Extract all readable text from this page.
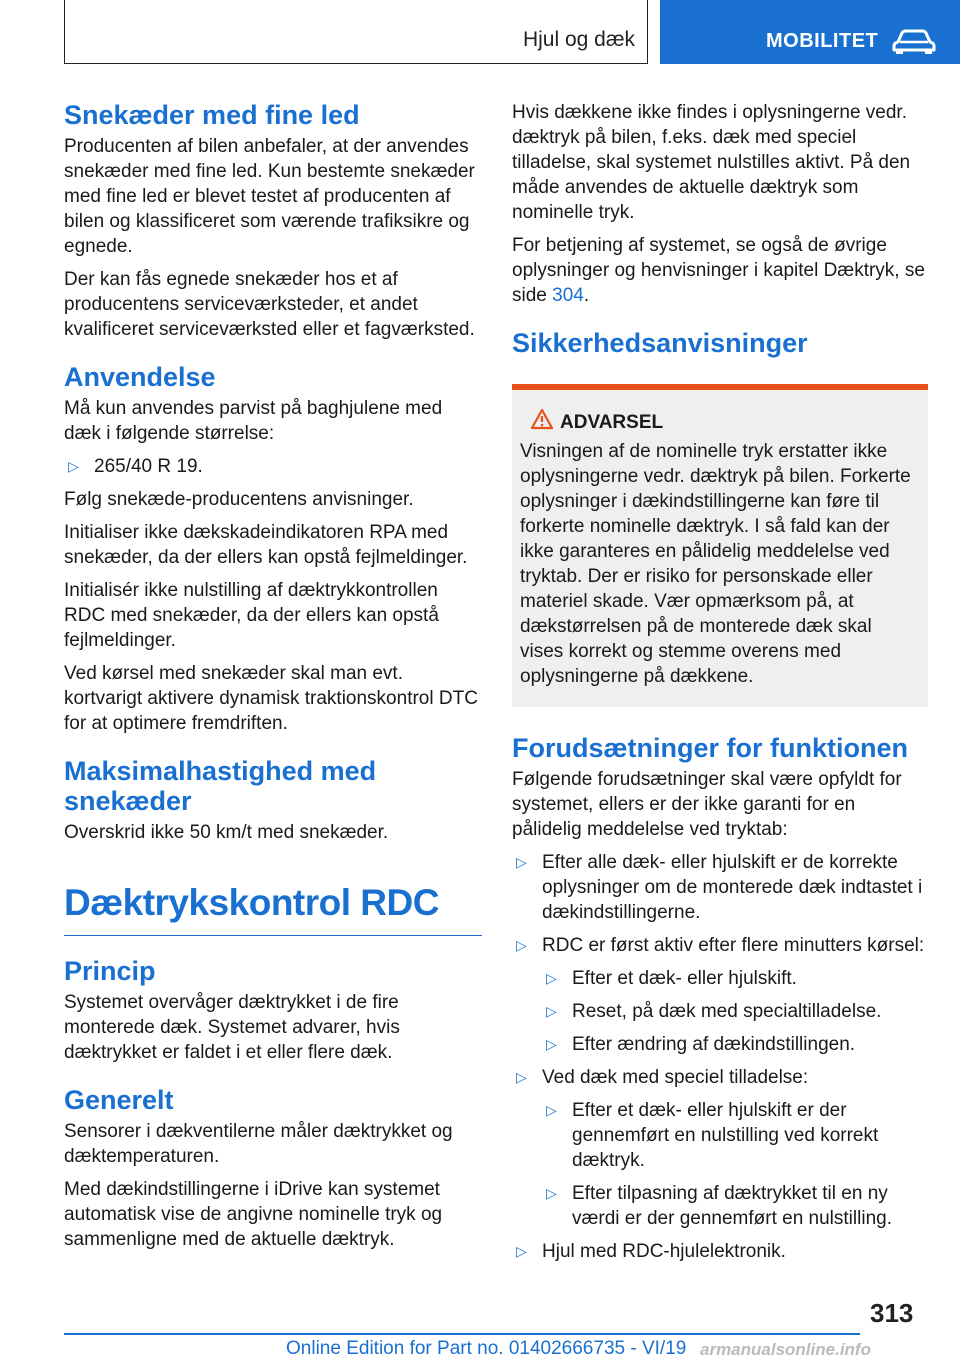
Hjul og dæk	MOBILITET
Snekæder med fine led

Producenten af bilen anbefaler, at der anvendes snekæder med fine led. Kun bestemte snekæder med fine led er blevet testet af producenten af bilen og klassificeret som værende trafiksikre og egnede.

Der kan fås egnede snekæder hos et af producentens serviceværksteder, et andet kvalificeret serviceværksted eller et fagværksted.

Anvendelse

Må kun anvendes parvist på baghjulene med dæk i følgende størrelse:

▷ 265/40 R 19.

Følg snekæde-producentens anvisninger.

Initialiser ikke dækskadeindikatoren RPA med snekæder, da der ellers kan opstå fejlmeldinger.

Initialisér ikke nulstilling af dæktrykkontrollen RDC med snekæder, da der ellers kan opstå fejlmeldinger.

Ved kørsel med snekæder skal man evt. kortvarigt aktivere dynamisk traktionskontrol DTC for at optimere fremdriften.

Maksimalhastighed med snekæder

Overskrid ikke 50 km/t med snekæder.

Dæktrykskontrol RDC
Princip

Systemet overvåger dæktrykket i de fire monterede dæk. Systemet advarer, hvis dæktrykket er faldet i et eller flere dæk.

Generelt

Sensorer i dækventilerne måler dæktrykket og dæktemperaturen.

Med dækindstillingerne i iDrive kan systemet automatisk vise de angivne nominelle tryk og sammenligne med de aktuelle dæktryk.

Hvis dækkene ikke findes i oplysningerne vedr. dæktryk på bilen, f.eks. dæk med speciel tilladelse, skal systemet nulstilles aktivt. På den måde anvendes de aktuelle dæktryk som nominelle tryk.

For betjening af systemet, se også de øvrige oplysninger og henvisninger i kapitel Dæktryk, se side 304.

Sikkerhedsanvisninger
ADVARSEL
Visningen af de nominelle tryk erstatter ikke oplysningerne vedr. dæktryk på bilen. Forkerte oplysninger i dækindstillingerne kan føre til forkerte nominelle dæktryk. I så fald kan der ikke garanteres en pålidelig meddelelse ved tryktab. Der er risiko for personskade eller materiel skade. Vær opmærksom på, at dækstørrelsen på de monterede dæk skal vises korrekt og stemme overens med oplysningerne på dækkene.
Forudsætninger for funktionen

Følgende forudsætninger skal være opfyldt for systemet, ellers er der ikke garanti for en pålidelig meddelelse ved tryktab:

▷ Efter alle dæk- eller hjulskift er de korrekte oplysninger om de monterede dæk indtastet i dækindstillingerne.
▷ RDC er først aktiv efter flere minutters kørsel:
▷ Efter et dæk- eller hjulskift.
▷ Reset, på dæk med specialtilladelse.
▷ Efter ændring af dækindstillingen.
▷ Ved dæk med speciel tilladelse:
▷ Efter et dæk- eller hjulskift er der gennemført en nulstilling ved korrekt dæktryk.
▷ Efter tilpasning af dæktrykket til en ny værdi er der gennemført en nulstilling.
▷ Hjul med RDC-hjulelektronik.
313
Online Edition for Part no. 01402666735 - VI/19 armanualsonline.info
